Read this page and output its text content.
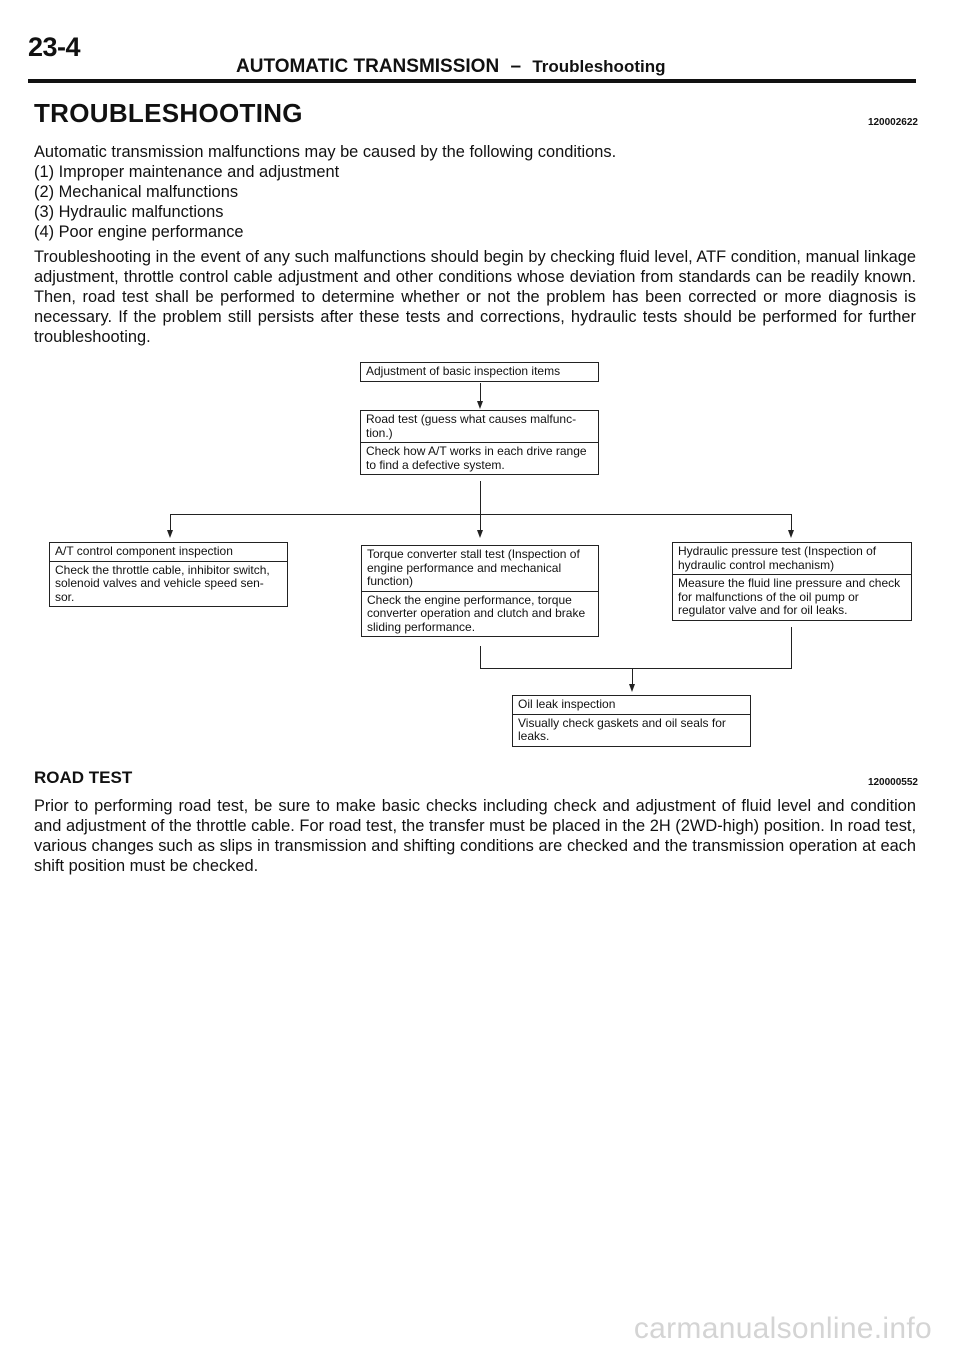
23-4
AUTOMATIC TRANSMISSION – Troubleshooting
TROUBLESHOOTING	120002622
Automatic transmission malfunctions may be caused by the following conditions.
(1) Improper maintenance and adjustment
(2) Mechanical malfunctions
(3) Hydraulic malfunctions
(4) Poor engine performance
Troubleshooting in the event of any such malfunctions should begin by checking fluid level, ATF condition, manual linkage adjustment, throttle control cable adjustment and other conditions whose deviation from standards can be readily known. Then, road test shall be performed to determine whether or not the problem has been corrected or more diagnosis is necessary. If the problem still persists after these tests and corrections, hydraulic tests should be performed for further troubleshooting.
Adjustment of basic inspection items
Road test (guess what causes malfunc-tion.)
Check how A/T works in each drive range to find a defective system.
A/T control component inspection
Check the throttle cable, inhibitor switch, solenoid valves and vehicle speed sen-sor.
Torque converter stall test (Inspection of engine performance and mechanical function)
Check the engine performance, torque converter operation and clutch and brake sliding performance.
Hydraulic pressure test (Inspection of hydraulic control mechanism)
Measure the fluid line pressure and check for malfunctions of the oil pump or regulator valve and for oil leaks.
Oil leak inspection
Visually check gaskets and oil seals for leaks.
ROAD TEST	120000552
Prior to performing road test, be sure to make basic checks including check and adjustment of fluid level and condition and adjustment of the throttle cable. For road test, the transfer must be placed in the 2H (2WD-high) position. In road test, various changes such as slips in transmission and shifting conditions are checked and the transmission operation at each shift position must be checked.
carmanualsonline.info
